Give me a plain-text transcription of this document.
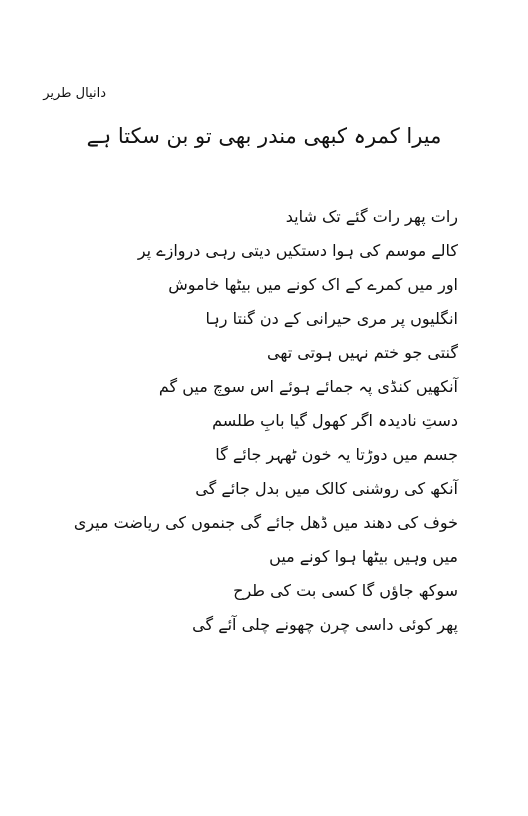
دانیال طریر
میرا کمرہ کبھی مندر بھی تو بن سکتا ہے
رات پھر رات گئے تک شاید
کالے موسم کی ہوا دستکیں دیتی رہی دروازے پر
اور میں کمرے کے اک کونے میں بیٹھا خاموش
انگلیوں پر مری حیرانی کے دن گنتا رہا
گنتی جو ختم نہیں ہوتی تھی
آنکھیں کنڈی پہ جمائے ہوئے اس سوچ میں گم
دستِ نادیدہ اگر کھول گیا بابِ طلسم
جسم میں دوڑتا یہ خون ٹھہر جائے گا
آنکھ کی روشنی کالک میں بدل جائے گی
خوف کی دھند میں ڈھل جائے گی جنموں کی ریاضت میری
میں وہیں بیٹھا ہوا کونے میں
سوکھ جاؤں گا کسی بت کی طرح
پھر کوئی داسی چرن چھونے چلی آئے گی
